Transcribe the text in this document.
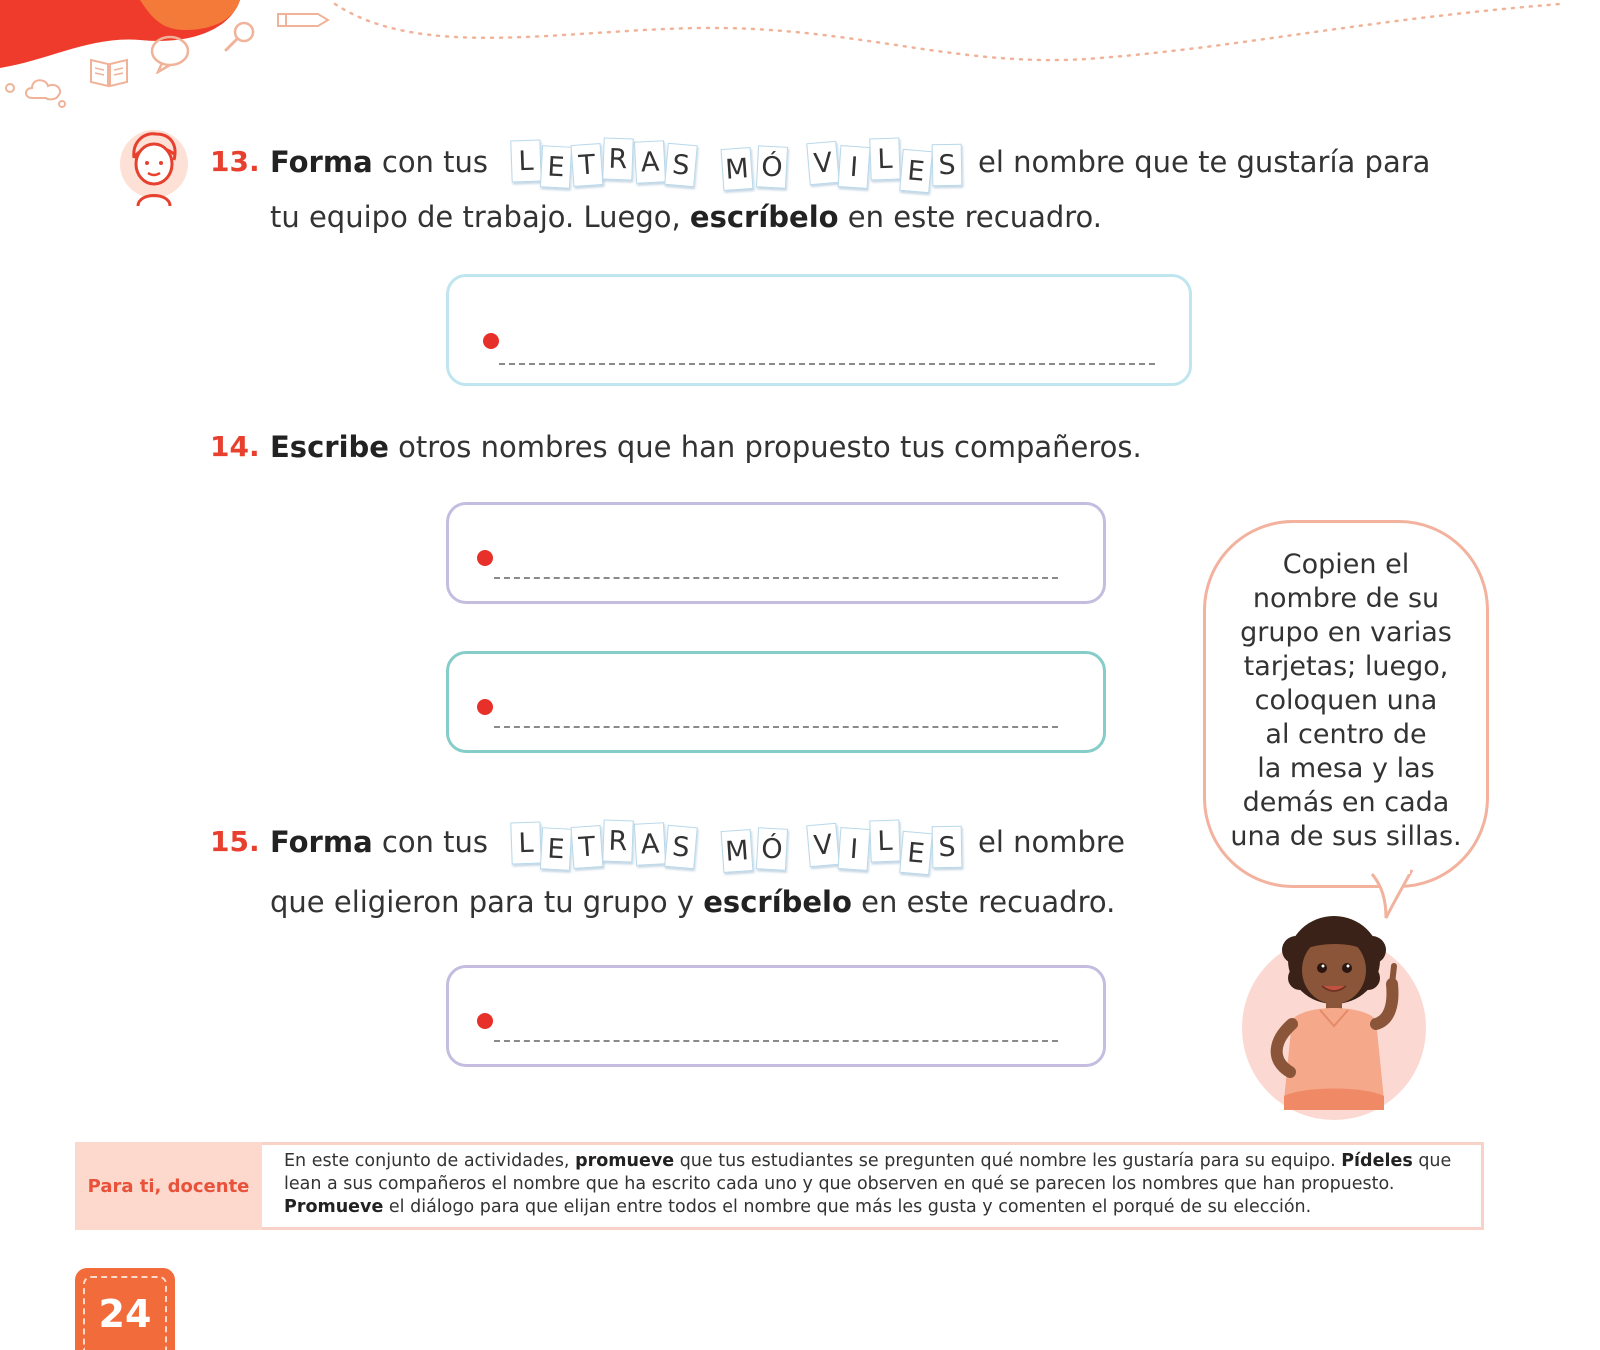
13. Forma con tus L E T R A S M Ó V I L E S el nombre que te gustaría para
tu equipo de trabajo. Luego, escríbelo en este recuadro.
14. Escribe otros nombres que han propuesto tus compañeros.
15. Forma con tus L E T R A S M Ó V I L E S el nombre
que eligieron para tu grupo y escríbelo en este recuadro.
Copien el
nombre de su
grupo en varias
tarjetas; luego,
coloquen una
al centro de
la mesa y las
demás en cada
una de sus sillas.
Para ti, docente
En este conjunto de actividades, promueve que tus estudiantes se pregunten qué nombre les gustaría para su equipo. Pídeles que lean a sus compañeros el nombre que ha escrito cada uno y que observen en qué se parecen los nombres que han propuesto. Promueve el diálogo para que elijan entre todos el nombre que más les gusta y comenten el porqué de su elección.
24
